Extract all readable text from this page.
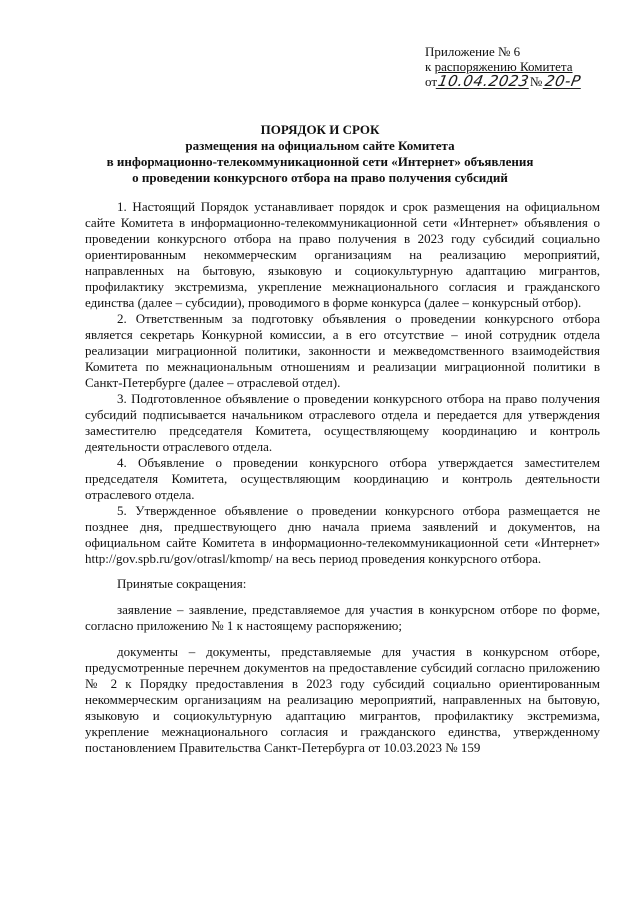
Приложение № 6
к распоряжению Комитета
от10.04.2023№ 20-Р
ПОРЯДОК И СРОК
размещения на официальном сайте Комитета
в информационно-телекоммуникационной сети «Интернет» объявления
о проведении конкурсного отбора на право получения субсидий

1. Настоящий Порядок устанавливает порядок и срок размещения на официальном сайте Комитета в информационно-телекоммуникационной сети «Интернет» объявления о проведении конкурсного отбора на право получения в 2023 году субсидий социально ориентированным некоммерческим организациям на реализацию мероприятий, направленных на бытовую, языковую и социокультурную адаптацию мигрантов, профилактику экстремизма, укрепление межнационального согласия и гражданского единства (далее – субсидии), проводимого в форме конкурса (далее – конкурсный отбор).

2. Ответственным за подготовку объявления о проведении конкурсного отбора является секретарь Конкурной комиссии, а в его отсутствие – иной сотрудник отдела реализации миграционной политики, законности и межведомственного взаимодействия Комитета по межнациональным отношениям и реализации миграционной политики в Санкт-Петербурге (далее – отраслевой отдел).

3. Подготовленное объявление о проведении конкурсного отбора на право получения субсидий подписывается начальником отраслевого отдела и передается для утверждения заместителю председателя Комитета, осуществляющему координацию и контроль деятельности отраслевого отдела.

4. Объявление о проведении конкурсного отбора утверждается заместителем председателя Комитета, осуществляющим координацию и контроль деятельности отраслевого отдела.

5. Утвержденное объявление о проведении конкурсного отбора размещается не позднее дня, предшествующего дню начала приема заявлений и документов, на официальном сайте Комитета в информационно-телекоммуникационной сети «Интернет» http://gov.spb.ru/gov/otrasl/kmomp/ на весь период проведения конкурсного отбора.

Принятые сокращения:

заявление – заявление, представляемое для участия в конкурсном отборе по форме, согласно приложению № 1 к настоящему распоряжению;

документы – документы, представляемые для участия в конкурсном отборе, предусмотренные перечнем документов на предоставление субсидий согласно приложению № 2 к Порядку предоставления в 2023 году субсидий социально ориентированным некоммерческим организациям на реализацию мероприятий, направленных на бытовую, языковую и социокультурную адаптацию мигрантов, профилактику экстремизма, укрепление межнационального согласия и гражданского единства, утвержденному постановлением Правительства Санкт-Петербурга от 10.03.2023 № 159
